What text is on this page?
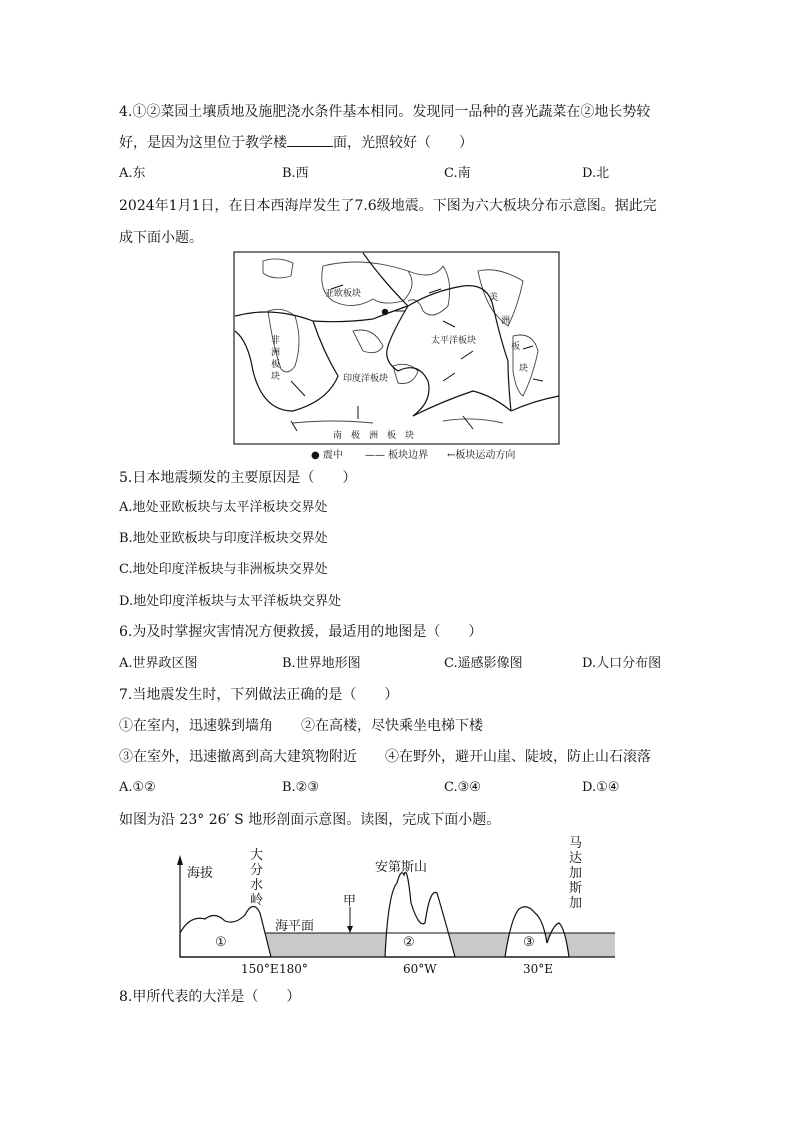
4.①②菜园土壤质地及施肥浇水条件基本相同。发现同一品种的喜光蔬菜在②地长势较
好，是因为这里位于教学楼	面，光照较好（　　）
A.东	B.西	C.南	D.北
2024年1月1日，在日本西海岸发生了7.6级地震。下图为六大板块分布示意图。据此完
成下面小题。
亚欧板块
非
洲
板
块
太平洋板块
印度洋板块
美
洲
板
块
南　极　洲　板　块
● 震中 —— 板块边界 ←板块运动方向
5.日本地震频发的主要原因是（　　）
A.地处亚欧板块与太平洋板块交界处
B.地处亚欧板块与印度洋板块交界处
C.地处印度洋板块与非洲板块交界处
D.地处印度洋板块与太平洋板块交界处
6.为及时掌握灾害情况方便救援，最适用的地图是（　　）
A.世界政区图	B.世界地形图	C.遥感影像图	D.人口分布图
7.当地震发生时，下列做法正确的是（　　）
①在室内，迅速躲到墙角　　②在高楼，尽快乘坐电梯下楼
③在室外，迅速撤离到高大建筑物附近　　④在野外，避开山崖、陡坡，防止山石滚落
A.①②	B.②③	C.③④	D.①④
如图为沿 23° 26′ S 地形剖面示意图。读图，完成下面小题。
海拔
大
分
水
岭
安第斯山
马
达
加
斯
加
海平面
甲
①	②	③
150°E 180°	60°W	30°E
8.甲所代表的大洋是（　　）
